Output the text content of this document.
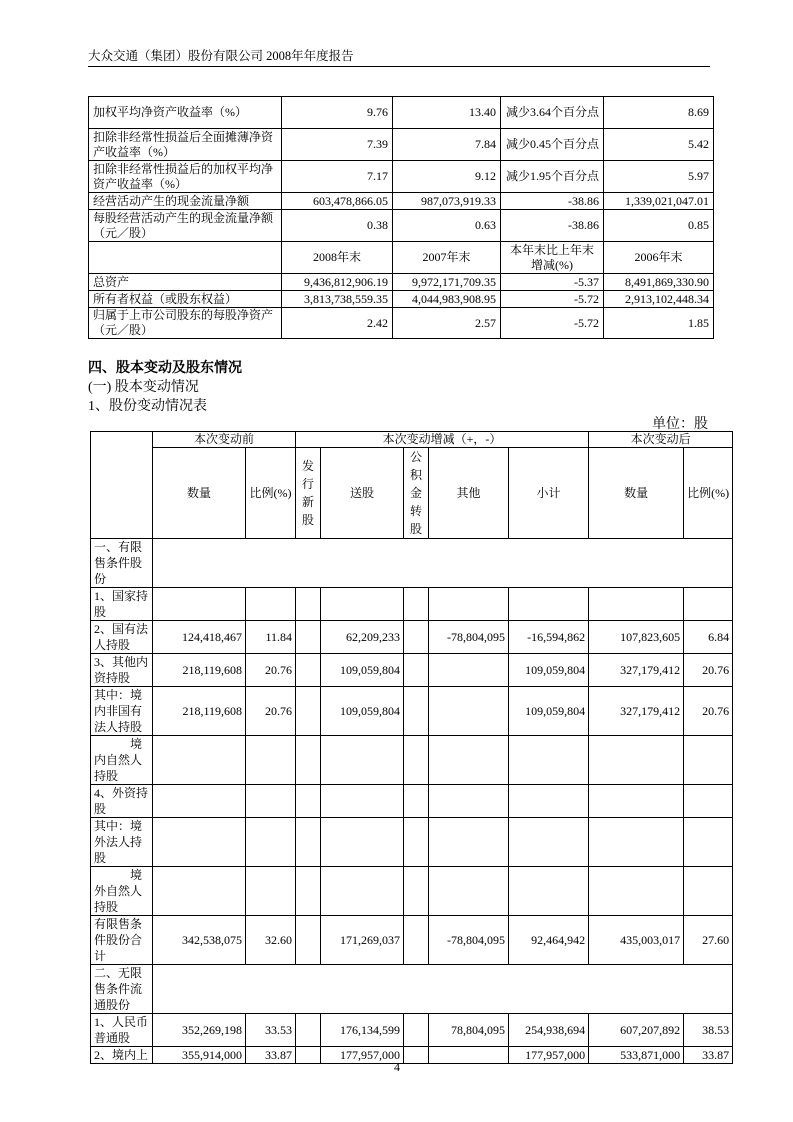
大众交通（集团）股份有限公司 2008年年度报告
加权平均净资产收益率（%）	9.76	13.40	减少3.64个百分点	8.69
扣除非经常性损益后全面摊薄净资产收益率（%）	7.39	7.84	减少0.45个百分点	5.42
扣除非经常性损益后的加权平均净资产收益率（%）	7.17	9.12	减少1.95个百分点	5.97
经营活动产生的现金流量净额	603,478,866.05	987,073,919.33	-38.86	1,339,021,047.01
每股经营活动产生的现金流量净额（元／股）	0.38	0.63	-38.86	0.85
	2008年末	2007年末	本年末比上年末增减(%)	2006年末
总资产	9,436,812,906.19	9,972,171,709.35	-5.37	8,491,869,330.90
所有者权益（或股东权益）	3,813,738,559.35	4,044,983,908.95	-5.72	2,913,102,448.34
归属于上市公司股东的每股净资产（元／股）	2.42	2.57	-5.72	1.85
四、股本变动及股东情况
(一) 股本变动情况
1、股份变动情况表
单位：股
	本次变动前		本次变动增减（+，-）					本次变动后	
	数量	比例(%)	发行新股	送股	公积金转股	其他	小计	数量	比例(%)
一、有限售条件股份									
1、国家持股									
2、国有法人持股	124,418,467	11.84		62,209,233		-78,804,095	-16,594,862	107,823,605	6.84
3、其他内资持股	218,119,608	20.76		109,059,804			109,059,804	327,179,412	20.76
其中：境内非国有法人持股	218,119,608	20.76		109,059,804			109,059,804	327,179,412	20.76
境内自然人持股									
4、外资持股									
其中：境外法人持股									
境外自然人持股									
有限售条件股份合计	342,538,075	32.60		171,269,037		-78,804,095	92,464,942	435,003,017	27.60
二、无限售条件流通股份									
1、人民币普通股	352,269,198	33.53		176,134,599		78,804,095	254,938,694	607,207,892	38.53
2、境内上	355,914,000	33.87		177,957,000			177,957,000	533,871,000	33.87
4
